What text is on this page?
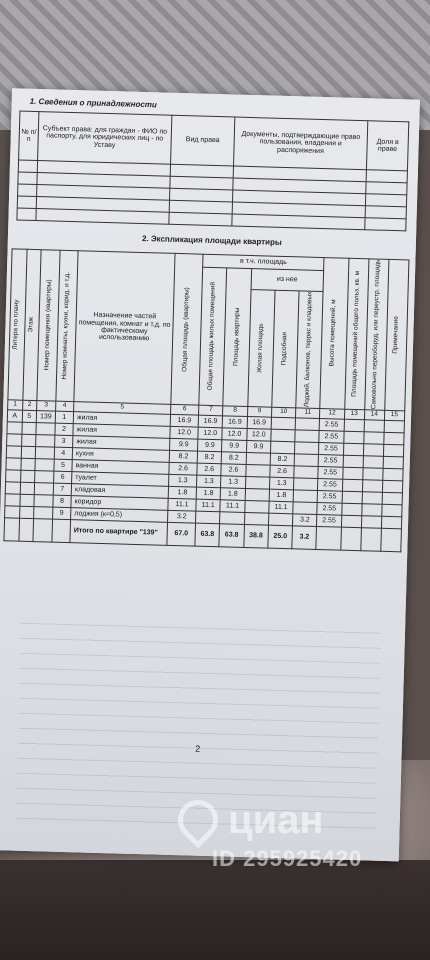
1. Сведения о принадлежности
№ п/п	Субъект права: для граждан - ФИО по паспорту, для юридических лиц - по Уставу	Вид права	Документы, подтверждающие право пользования, владения и распоряжения	Доля в праве

2. Экспликация площади квартиры
Литера по плану	Этаж	Номер помещения (квартиры)	Номер комнаты, кухни, корид. и т.д.	Назначение частей помещения, комнат и т.д. по фактическому использованию	Общая площадь (квартиры)	в т.ч. площадь					Высота помещений, м	Площадь помещений общего польз. кв. м	Самовольно переоборуд. или переустр. площадь	Примечание

						Общая площадь жилых помещений	Площадь квартиры	из нее						

								Жилая площадь	Подсобная	Лоджий, балконов, террас и кладовых				

1	2	3	4	5	6	7	8	9	10	11	12	13	14	15
А	5	139	1	жилая	16.9	16.9	16.9	16.9			2.55			
			2	жилая	12.0	12.0	12.0	12.0			2.55			
			3	жилая	9.9	9.9	9.9	9.9			2.55			
			4	кухня	8.2	8.2	8.2		8.2		2.55			
			5	ванная	2.6	2.6	2.6		2.6		2.55			
			6	туалет	1.3	1.3	1.3		1.3		2.55			
			7	кладовая	1.8	1.8	1.8		1.8		2.55			
			8	коридор	11.1	11.1	11.1		11.1		2.55			
			9	лоджия (к=0,5)	3.2					3.2	2.55			
				Итого по квартире "139"	67.0	63.8	63.8	38.8	25.0	3.2				
2
циан
ID 295925420
